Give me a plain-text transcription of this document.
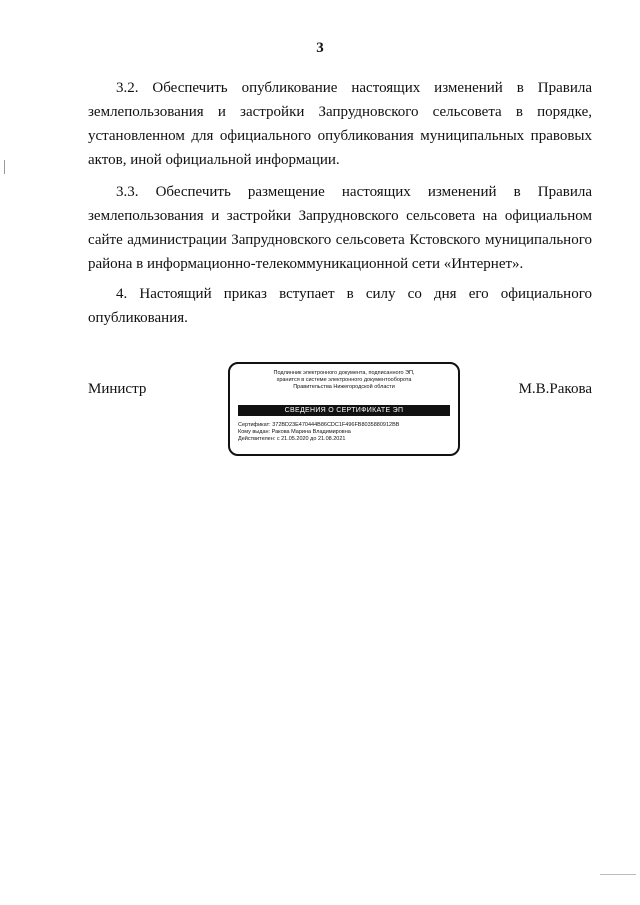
3

3.2. Обеспечить опубликование настоящих изменений в Правила землепользования и застройки Запрудновского сельсовета в порядке, установленном для официального опубликования муниципальных правовых актов, иной официальной информации.

3.3. Обеспечить размещение настоящих изменений в Правила землепользования и застройки Запрудновского сельсовета на официальном сайте администрации Запрудновского сельсовета Кстовского муниципального района в информационно-телекоммуникационной сети «Интернет».

4. Настоящий приказ вступает в силу со дня его официального опубликования.

Министр
Подлинник электронного документа, подписанного ЭП,
хранится в системе электронного документооборота
Правительства Нижегородской области
СВЕДЕНИЯ О СЕРТИФИКАТЕ ЭП
Сертификат: 372BD23E470444B86CDC1F496FB8035880912BB
Кому выдан: Ракова Марина Владимировна
Действителен: с 21.05.2020 до 21.08.2021
М.В.Ракова
